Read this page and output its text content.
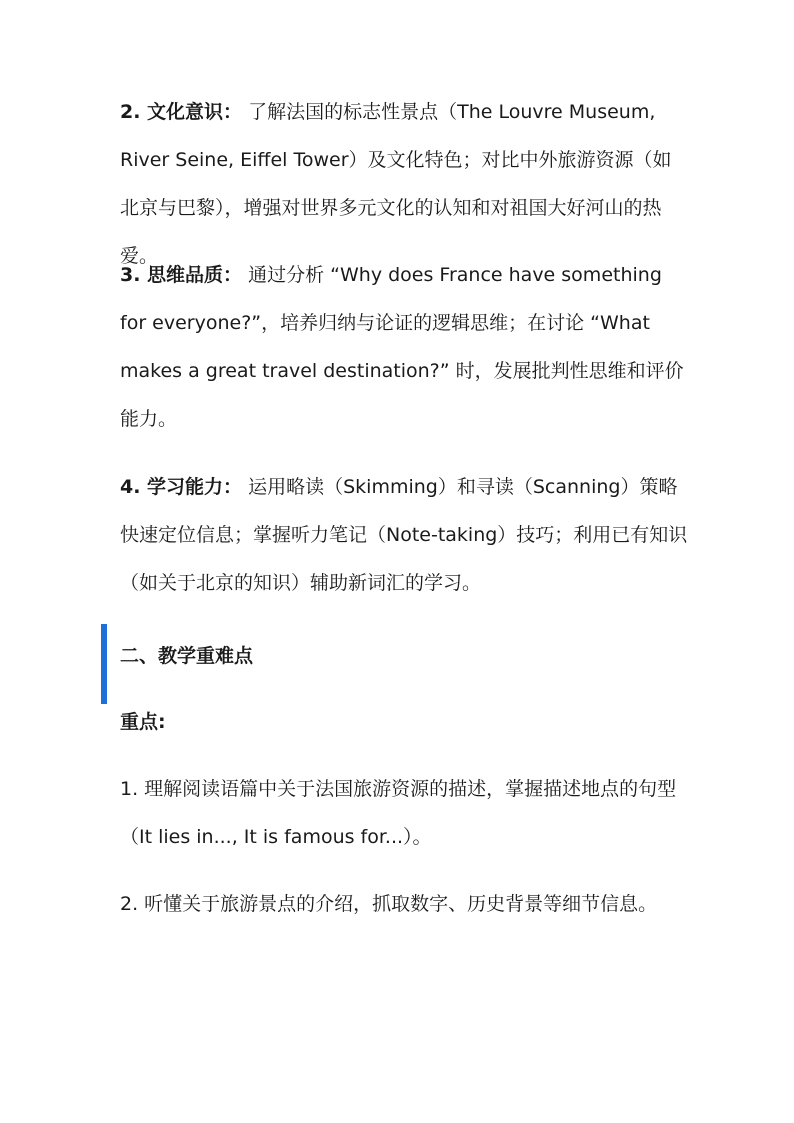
2. 文化意识： 了解法国的标志性景点（The Louvre Museum, River Seine, Eiffel Tower）及文化特色；对比中外旅游资源（如北京与巴黎），增强对世界多元文化的认知和对祖国大好河山的热爱。

3. 思维品质： 通过分析 “Why does France have something for everyone?”，培养归纳与论证的逻辑思维；在讨论 “What makes a great travel destination?” 时，发展批判性思维和评价能力。

4. 学习能力： 运用略读（Skimming）和寻读（Scanning）策略快速定位信息；掌握听力笔记（Note-taking）技巧；利用已有知识（如关于北京的知识）辅助新词汇的学习。

二、教学重难点
重点:

1. 理解阅读语篇中关于法国旅游资源的描述，掌握描述地点的句型（It lies in..., It is famous for...）。

2. 听懂关于旅游景点的介绍，抓取数字、历史背景等细节信息。
